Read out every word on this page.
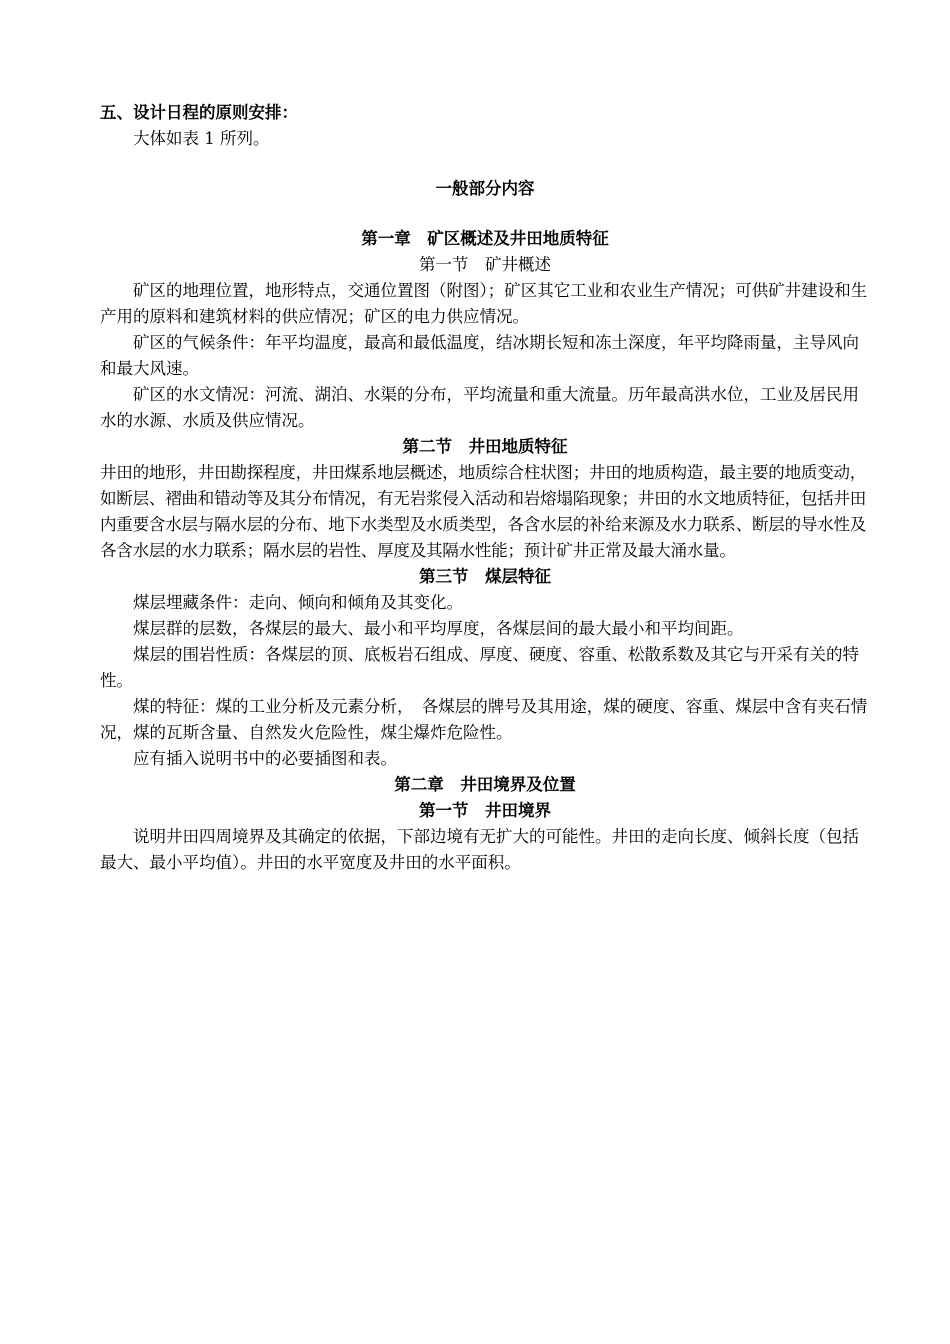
五、设计日程的原则安排：

大体如表 1 所列。

一般部分内容

第一章　矿区概述及井田地质特征

第一节　矿井概述

矿区的地理位置，地形特点，交通位置图（附图）；矿区其它工业和农业生产情况；可供矿井建设和生产用的原料和建筑材料的供应情况；矿区的电力供应情况。

矿区的气候条件：年平均温度，最高和最低温度，结冰期长短和冻土深度，年平均降雨量，主导风向和最大风速。

矿区的水文情况：河流、湖泊、水渠的分布，平均流量和重大流量。历年最高洪水位，工业及居民用水的水源、水质及供应情况。

第二节　井田地质特征

井田的地形，井田勘探程度，井田煤系地层概述，地质综合柱状图；井田的地质构造，最主要的地质变动，如断层、褶曲和错动等及其分布情况，有无岩浆侵入活动和岩熔塌陷现象；井田的水文地质特征，包括井田内重要含水层与隔水层的分布、地下水类型及水质类型，各含水层的补给来源及水力联系、断层的导水性及各含水层的水力联系；隔水层的岩性、厚度及其隔水性能；预计矿井正常及最大涌水量。

第三节　煤层特征

煤层埋藏条件：走向、倾向和倾角及其变化。

煤层群的层数，各煤层的最大、最小和平均厚度，各煤层间的最大最小和平均间距。

煤层的围岩性质：各煤层的顶、底板岩石组成、厚度、硬度、容重、松散系数及其它与开采有关的特性。

煤的特征：煤的工业分析及元素分析，　各煤层的牌号及其用途，煤的硬度、容重、煤层中含有夹石情况，煤的瓦斯含量、自然发火危险性，煤尘爆炸危险性。

应有插入说明书中的必要插图和表。

第二章　井田境界及位置

第一节　井田境界

说明井田四周境界及其确定的依据，下部边境有无扩大的可能性。井田的走向长度、倾斜长度（包括最大、最小平均值）。井田的水平宽度及井田的水平面积。
